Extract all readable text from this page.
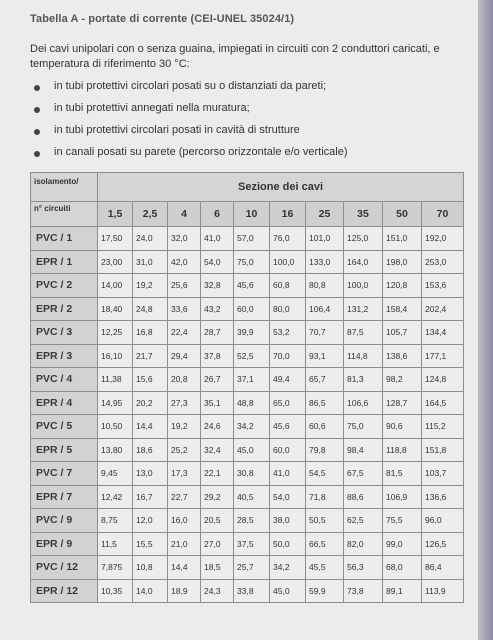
Tabella A - portate di corrente (CEI-UNEL 35024/1)
Dei cavi unipolari con o senza guaina, impiegati in circuiti con 2 conduttori caricati, e temperatura di riferimento 30 °C:
in tubi protettivi circolari posati su o distanziati da pareti;
in tubi protettivi annegati nella muratura;
in tubi protettivi circolari posati in cavità di strutture
in canali posati su parete (percorso orizzontale e/o verticale)
isolamento/	Sezione dei cavi									
n° circuiti	1,5	2,5	4	6	10	16	25	35	50	70
PVC / 1	17,50	24,0	32,0	41,0	57,0	76,0	101,0	125,0	151,0	192,0
EPR / 1	23,00	31,0	42,0	54,0	75,0	100,0	133,0	164,0	198,0	253,0
PVC / 2	14,00	19,2	25,6	32,8	45,6	60,8	80,8	100,0	120,8	153,6
EPR / 2	18,40	24,8	33,6	43,2	60,0	80,0	106,4	131,2	158,4	202,4
PVC / 3	12,25	16,8	22,4	28,7	39,9	53,2	70,7	87,5	105,7	134,4
EPR / 3	16,10	21,7	29,4	37,8	52,5	70,0	93,1	114,8	138,6	177,1
PVC / 4	11,38	15,6	20,8	26,7	37,1	49,4	65,7	81,3	98,2	124,8
EPR / 4	14,95	20,2	27,3	35,1	48,8	65,0	86,5	106,6	128,7	164,5
PVC / 5	10,50	14,4	19,2	24,6	34,2	45,6	60,6	75,0	90,6	115,2
EPR / 5	13,80	18,6	25,2	32,4	45,0	60,0	79,8	98,4	118,8	151,8
PVC / 7	9,45	13,0	17,3	22,1	30,8	41,0	54,5	67,5	81,5	103,7
EPR / 7	12,42	16,7	22,7	29,2	40,5	54,0	71,8	88,6	106,9	136,6
PVC / 9	8,75	12,0	16,0	20,5	28,5	38,0	50,5	62,5	75,5	96,0
EPR / 9	11,5	15,5	21,0	27,0	37,5	50,0	66,5	82,0	99,0	126,5
PVC / 12	7,875	10,8	14,4	18,5	25,7	34,2	45,5	56,3	68,0	86,4
EPR / 12	10,35	14,0	18,9	24,3	33,8	45,0	59,9	73,8	89,1	113,9
